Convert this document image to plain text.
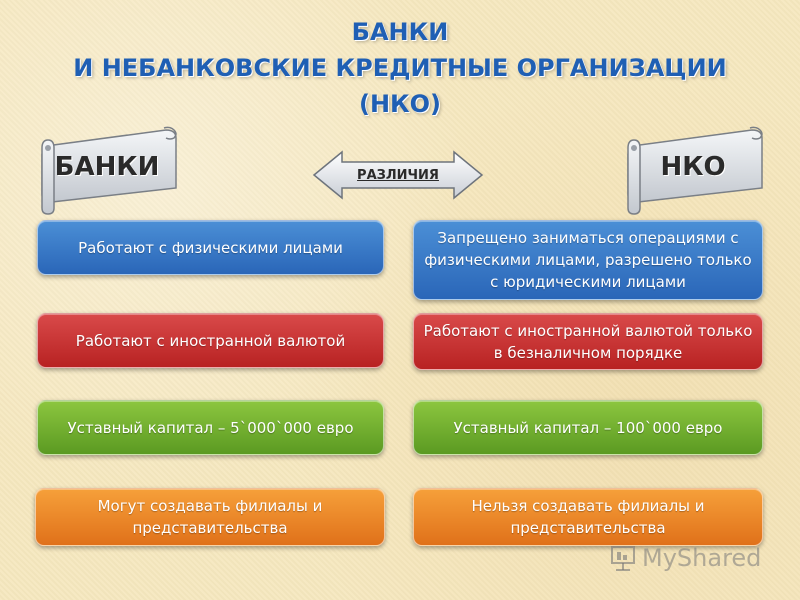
БАНКИ
И НЕБАНКОВСКИЕ КРЕДИТНЫЕ ОРГАНИЗАЦИИ
(НКО)
БАНКИ	НКО
РАЗЛИЧИЯ
Работают с физическими лицами
Работают с иностранной валютой
Уставный капитал – 5`000`000 евро
Могут создавать филиалы и представительства
Запрещено заниматься операциями с физическими лицами, разрешено только с юридическими лицами
Работают с иностранной валютой только в безналичном порядке
Уставный капитал – 100`000 евро
Нельзя создавать филиалы и представительства
MyShared
